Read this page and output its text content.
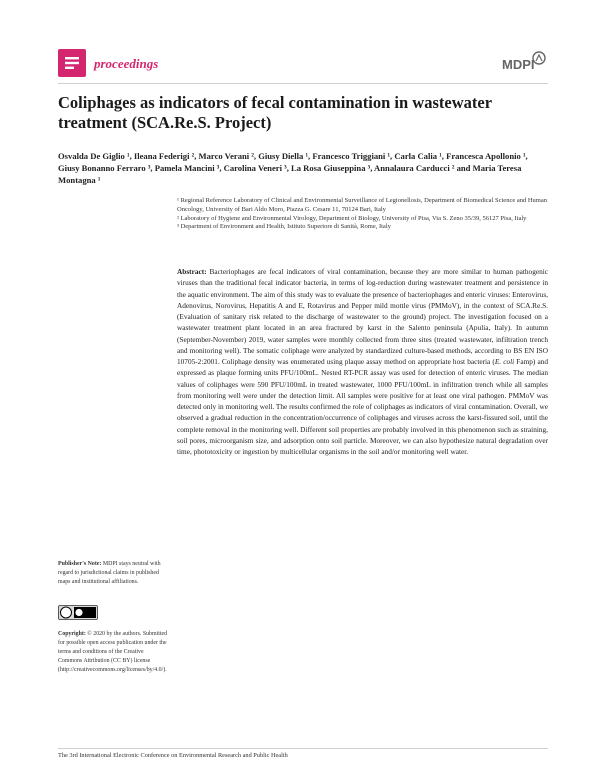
proceedings	MDPI
Coliphages as indicators of fecal contamination in wastewater treatment (SCA.Re.S. Project)
Osvalda De Giglio ¹, Ileana Federigi ², Marco Verani ², Giusy Diella ¹, Francesco Triggiani ¹, Carla Calia ¹, Francesca Apollonio ¹, Giusy Bonanno Ferraro ³, Pamela Mancini ³, Carolina Veneri ³, La Rosa Giuseppina ³, Annalaura Carducci ² and Maria Teresa Montagna ¹

¹ Regional Reference Laboratory of Clinical and Environmental Surveillance of Legionellosis, Department of Biomedical Science and Human Oncology, University of Bari Aldo Moro, Piazza G. Cesare 11, 70124 Bari, Italy

² Laboratory of Hygiene and Environmental Virology, Department of Biology, University of Pisa, Via S. Zeno 35/39, 56127 Pisa, Italy

³ Department of Environment and Health, Istituto Superiore di Sanità, Rome, Italy

Abstract: Bacteriophages are fecal indicators of viral contamination, because they are more similar to human pathogenic viruses than the traditional fecal indicator bacteria, in terms of log-reduction during wastewater treatment and persistence in the aquatic environment. The aim of this study was to evaluate the presence of bacteriophages and enteric viruses: Enterovirus, Adenovirus, Norovirus, Hepatitis A and E, Rotavirus and Pepper mild mottle virus (PMMoV), in the context of SCA.Re.S. (Evaluation of sanitary risk related to the discharge of wastewater to the ground) project. The investigation focused on a wastewater treatment plant located in an area fractured by karst in the Salento peninsula (Apulia, Italy). In autumn (September-November) 2019, water samples were monthly collected from three sites (treated wastewater, infiltration trench and monitoring well). The somatic coliphage were analyzed by standardized culture-based methods, according to BS EN ISO 10705-2:2001. Coliphage density was enumerated using plaque assay method on appropriate host bacteria (E. coli Famp) and expressed as plaque forming units PFU/100mL. Nested RT-PCR assay was used for detection of enteric viruses. The median values of coliphages were 590 PFU/100mL in treated wastewater, 1000 PFU/100mL in infiltration trench while all samples from monitoring well were under the detection limit. All samples were positive for at least one viral pathogen. PMMoV was detected only in monitoring well. The results confirmed the role of coliphages as indicators of viral contamination. Overall, we observed a gradual reduction in the concentration/occurrence of coliphages and viruses across the karst-fissured soil, until the complete removal in the monitoring well. Different soil properties are probably involved in this phenomenon such as straining, soil pores, microorganism size, and adsorption onto soil particle. Moreover, we can also hypothesize natural degradation over time, phototoxicity or ingestion by multicellular organisms in the soil and/or monitoring well water.
Publisher's Note: MDPI stays neutral with regard to jurisdictional claims in published maps and institutional affiliations.
Copyright: © 2020 by the authors. Submitted for possible open access publication under the terms and conditions of the Creative Commons Attribution (CC BY) license (http://creativecommons.org/licenses/by/4.0/).
The 3rd International Electronic Conference on Environmental Research and Public Health
